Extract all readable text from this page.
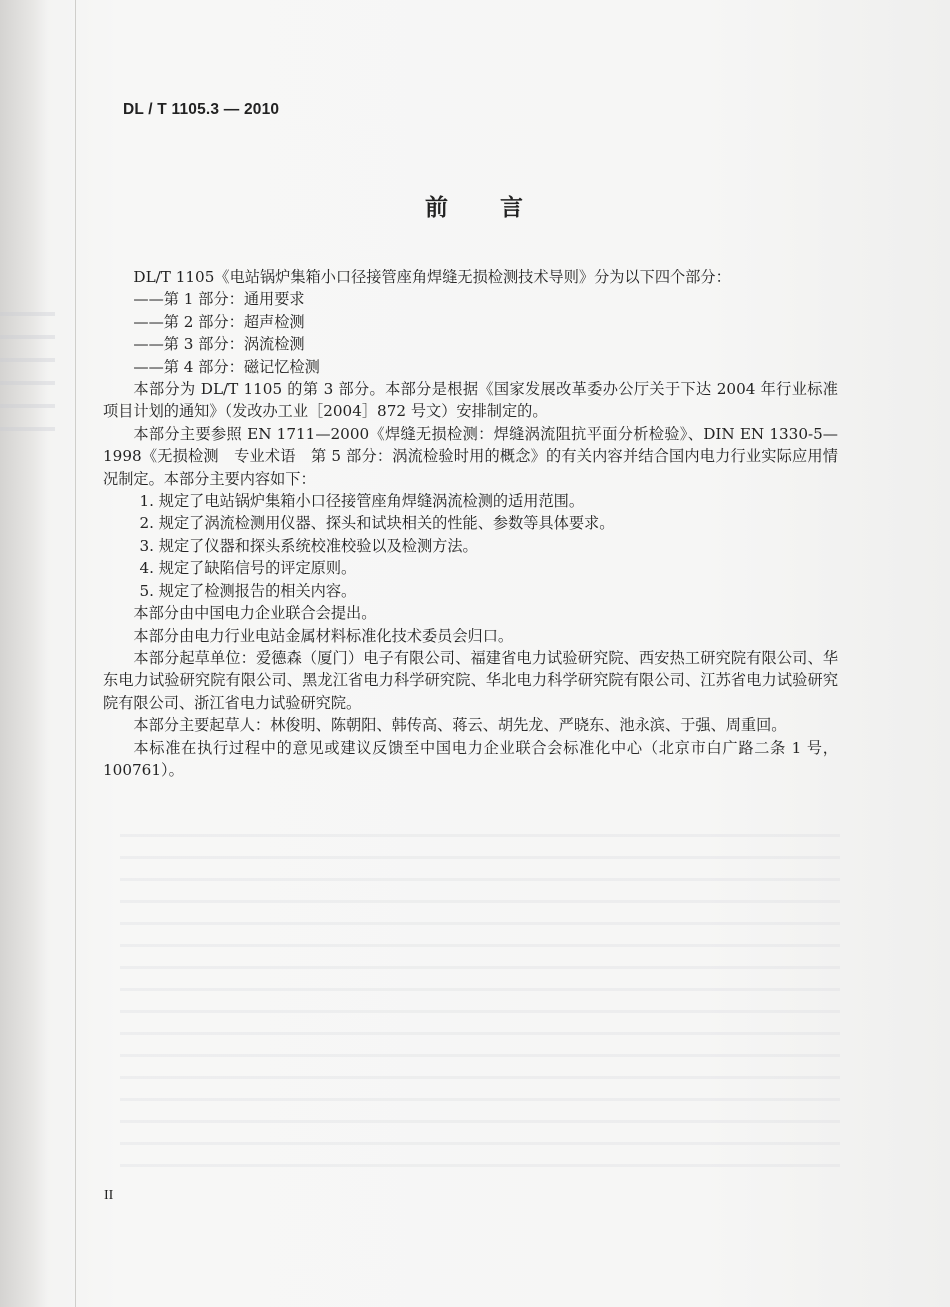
DL / T 1105.3 — 2010
前言

DL/T 1105《电站锅炉集箱小口径接管座角焊缝无损检测技术导则》分为以下四个部分：

——第 1 部分：通用要求

——第 2 部分：超声检测

——第 3 部分：涡流检测

——第 4 部分：磁记忆检测

本部分为 DL/T 1105 的第 3 部分。本部分是根据《国家发展改革委办公厅关于下达 2004 年行业标准项目计划的通知》（发改办工业［2004］872 号文）安排制定的。

本部分主要参照 EN 1711—2000《焊缝无损检测：焊缝涡流阻抗平面分析检验》、DIN EN 1330-5—1998《无损检测　专业术语　第 5 部分：涡流检验时用的概念》的有关内容并结合国内电力行业实际应用情况制定。本部分主要内容如下：

1. 规定了电站锅炉集箱小口径接管座角焊缝涡流检测的适用范围。

2. 规定了涡流检测用仪器、探头和试块相关的性能、参数等具体要求。

3. 规定了仪器和探头系统校准校验以及检测方法。

4. 规定了缺陷信号的评定原则。

5. 规定了检测报告的相关内容。

本部分由中国电力企业联合会提出。

本部分由电力行业电站金属材料标准化技术委员会归口。

本部分起草单位：爱德森（厦门）电子有限公司、福建省电力试验研究院、西安热工研究院有限公司、华东电力试验研究院有限公司、黑龙江省电力科学研究院、华北电力科学研究院有限公司、江苏省电力试验研究院有限公司、浙江省电力试验研究院。

本部分主要起草人：林俊明、陈朝阳、韩传高、蒋云、胡先龙、严晓东、池永滨、于强、周重回。

本标准在执行过程中的意见或建议反馈至中国电力企业联合会标准化中心（北京市白广路二条 1 号，100761）。

II
